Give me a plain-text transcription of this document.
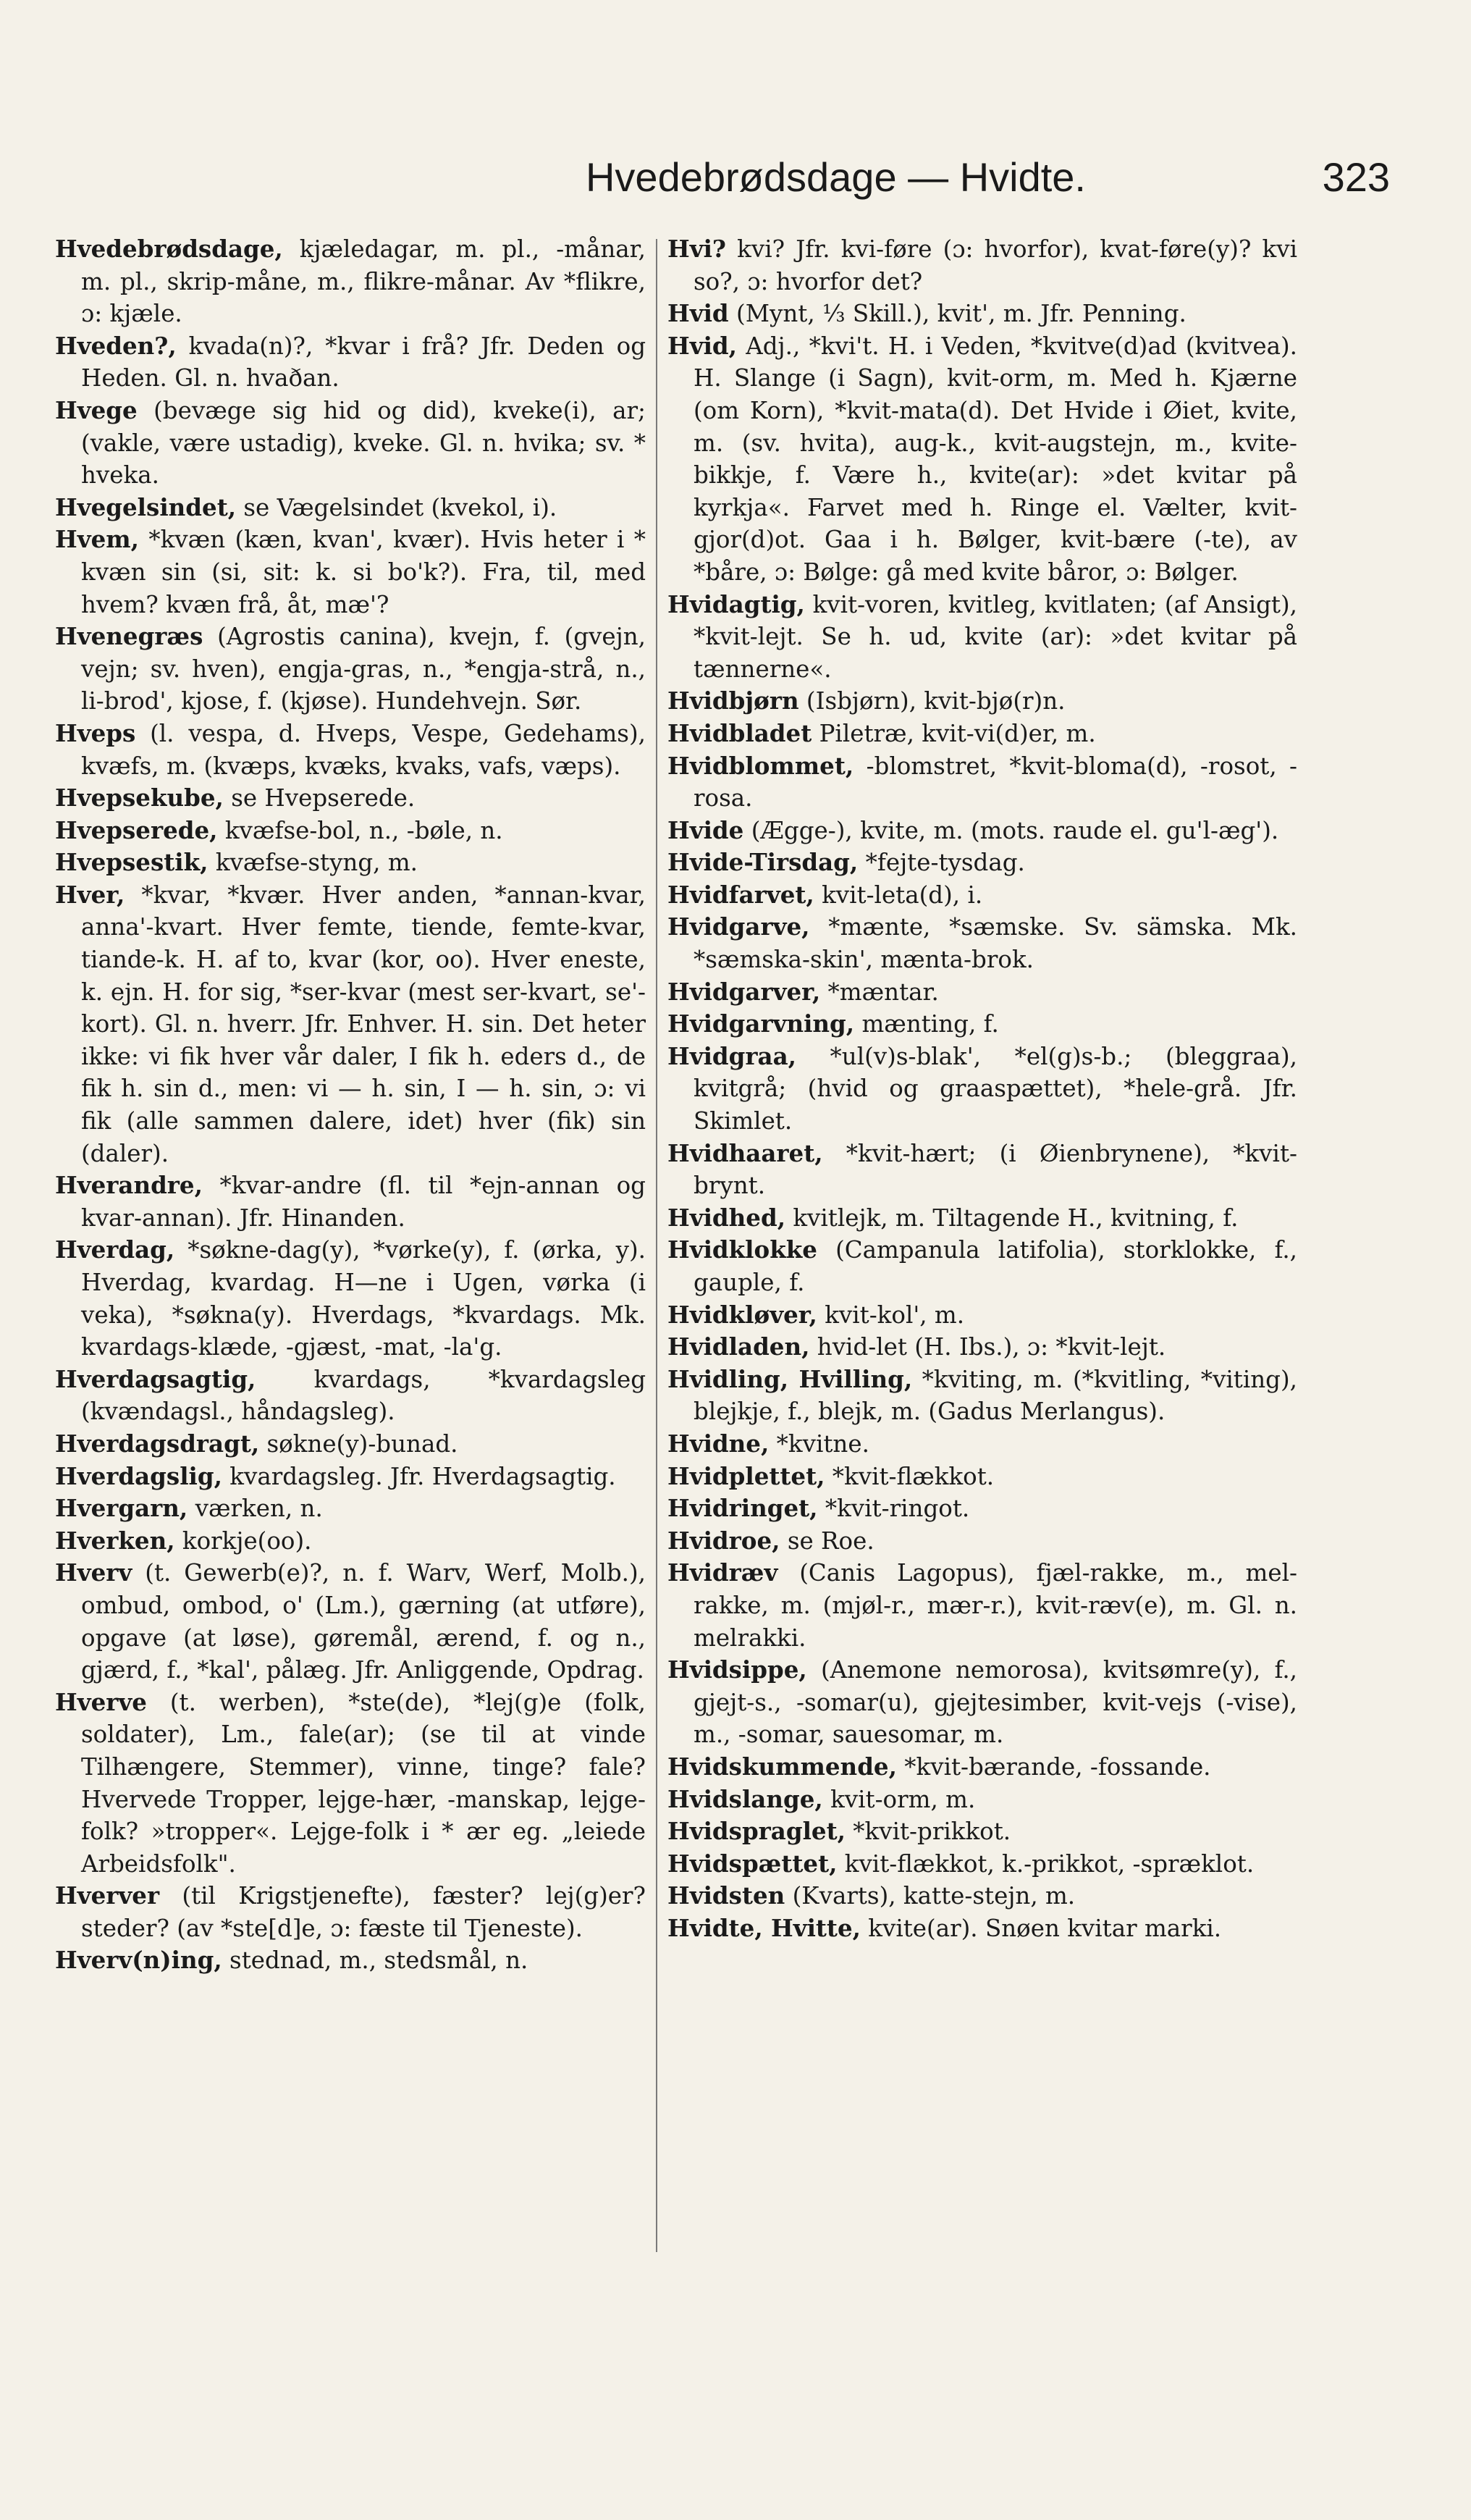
Hvedebrødsdage — Hvidte.	323
Hvedebrødsdage, kjæledagar, m. pl., -månar, m. pl., skrip-måne, m., flikre-månar. Av *flikre, ɔ: kjæle.
Hveden?, kvada(n)?, *kvar i frå? Jfr. Deden og Heden. Gl. n. hvaðan.
Hvege (bevæge sig hid og did), kveke(i), ar; (vakle, være ustadig), kveke. Gl. n. hvika; sv. * hveka.
Hvegelsindet, se Vægelsindet (kvekol, i).
Hvem, *kvæn (kæn, kvan', kvær). Hvis heter i * kvæn sin (si, sit: k. si bo'k?). Fra, til, med hvem? kvæn frå, åt, mæ'?
Hvenegræs (Agrostis canina), kvejn, f. (gvejn, vejn; sv. hven), engja-gras, n., *engja-strå, n., li-brod', kjose, f. (kjøse). Hundehvejn. Sør.
Hveps (l. vespa, d. Hveps, Vespe, Gedehams), kvæfs, m. (kvæps, kvæks, kvaks, vafs, væps).
Hvepsekube, se Hvepserede.
Hvepserede, kvæfse-bol, n., -bøle, n.
Hvepsestik, kvæfse-styng, m.
Hver, *kvar, *kvær. Hver anden, *annan-kvar, anna'-kvart. Hver femte, tiende, femte-kvar, tiande-k. H. af to, kvar (kor, oo). Hver eneste, k. ejn. H. for sig, *ser-kvar (mest ser-kvart, se'-kort). Gl. n. hverr. Jfr. Enhver. H. sin. Det heter ikke: vi fik hver vår daler, I fik h. eders d., de fik h. sin d., men: vi — h. sin, I — h. sin, ɔ: vi fik (alle sammen dalere, idet) hver (fik) sin (daler).
Hverandre, *kvar-andre (fl. til *ejn-annan og kvar-annan). Jfr. Hinanden.
Hverdag, *søkne-dag(y), *vørke(y), f. (ørka, y). Hverdag, kvardag. H—ne i Ugen, vørka (i veka), *søkna(y). Hverdags, *kvardags. Mk. kvardags-klæde, -gjæst, -mat, -la'g.
Hverdagsagtig, kvardags, *kvardagsleg (kvændagsl., håndagsleg).
Hverdagsdragt, søkne(y)-bunad.
Hverdagslig, kvardagsleg. Jfr. Hverdagsagtig.
Hvergarn, værken, n.
Hverken, korkje(oo).
Hverv (t. Gewerb(e)?, n. f. Warv, Werf, Molb.), ombud, ombod, o' (Lm.), gærning (at utføre), opgave (at løse), gøremål, ærend, f. og n., gjærd, f., *kal', pålæg. Jfr. Anliggende, Opdrag.
Hverve (t. werben), *ste(de), *lej(g)e (folk, soldater), Lm., fale(ar); (se til at vinde Tilhængere, Stemmer), vinne, tinge? fale? Hvervede Tropper, lejge-hær, -manskap, lejge-folk? »tropper«. Lejge-folk i * ær eg. „leiede Arbeidsfolk".
Hverver (til Krigstjenefte), fæster? lej(g)er? steder? (av *ste[d]e, ɔ: fæste til Tjeneste).
Hverv(n)ing, stednad, m., stedsmål, n.
Hvi? kvi? Jfr. kvi-føre (ɔ: hvorfor), kvat-føre(y)? kvi so?, ɔ: hvorfor det?
Hvid (Mynt, ⅓ Skill.), kvit', m. Jfr. Penning.
Hvid, Adj., *kvi't. H. i Veden, *kvitve(d)ad (kvitvea). H. Slange (i Sagn), kvit-orm, m. Med h. Kjærne (om Korn), *kvit-mata(d). Det Hvide i Øiet, kvite, m. (sv. hvita), aug-k., kvit-augstejn, m., kvite-bikkje, f. Være h., kvite(ar): »det kvitar på kyrkja«. Farvet med h. Ringe el. Vælter, kvit-gjor(d)ot. Gaa i h. Bølger, kvit-bære (-te), av *båre, ɔ: Bølge: gå med kvite båror, ɔ: Bølger.
Hvidagtig, kvit-voren, kvitleg, kvitlaten; (af Ansigt), *kvit-lejt. Se h. ud, kvite (ar): »det kvitar på tænnerne«.
Hvidbjørn (Isbjørn), kvit-bjø(r)n.
Hvidbladet Piletræ, kvit-vi(d)er, m.
Hvidblommet, -blomstret, *kvit-bloma(d), -rosot, -rosa.
Hvide (Ægge-), kvite, m. (mots. raude el. gu'l-æg').
Hvide-Tirsdag, *fejte-tysdag.
Hvidfarvet, kvit-leta(d), i.
Hvidgarve, *mænte, *sæmske. Sv. sämska. Mk. *sæmska-skin', mænta-brok.
Hvidgarver, *mæntar.
Hvidgarvning, mænting, f.
Hvidgraa, *ul(v)s-blak', *el(g)s-b.; (bleggraa), kvitgrå; (hvid og graaspættet), *hele-grå. Jfr. Skimlet.
Hvidhaaret, *kvit-hært; (i Øienbrynene), *kvit-brynt.
Hvidhed, kvitlejk, m. Tiltagende H., kvitning, f.
Hvidklokke (Campanula latifolia), storklokke, f., gauple, f.
Hvidkløver, kvit-kol', m.
Hvidladen, hvid-let (H. Ibs.), ɔ: *kvit-lejt.
Hvidling, Hvilling, *kviting, m. (*kvitling, *viting), blejkje, f., blejk, m. (Gadus Merlangus).
Hvidne, *kvitne.
Hvidplettet, *kvit-flækkot.
Hvidringet, *kvit-ringot.
Hvidroe, se Roe.
Hvidræv (Canis Lagopus), fjæl-rakke, m., mel-rakke, m. (mjøl-r., mær-r.), kvit-ræv(e), m. Gl. n. melrakki.
Hvidsippe, (Anemone nemorosa), kvitsømre(y), f., gjejt-s., -somar(u), gjejtesimber, kvit-vejs (-vise), m., -somar, sauesomar, m.
Hvidskummende, *kvit-bærande, -fossande.
Hvidslange, kvit-orm, m.
Hvidspraglet, *kvit-prikkot.
Hvidspættet, kvit-flækkot, k.-prikkot, -spræklot.
Hvidsten (Kvarts), katte-stejn, m.
Hvidte, Hvitte, kvite(ar). Snøen kvitar marki.
